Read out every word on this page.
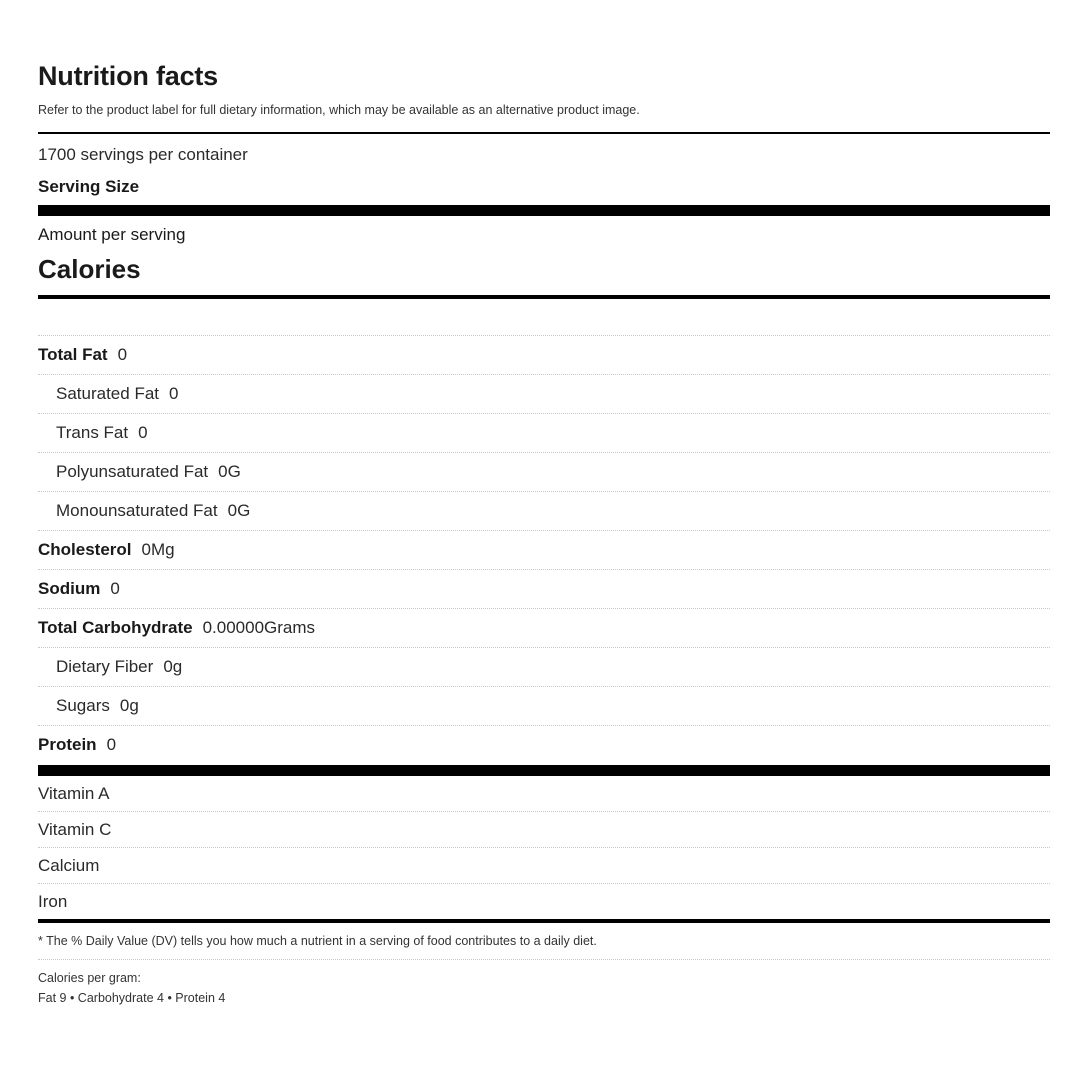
Nutrition facts
Refer to the product label for full dietary information, which may be available as an alternative product image.
1700 servings per container
Serving Size
Amount per serving
Calories
Total Fat 0
Saturated Fat 0
Trans Fat 0
Polyunsaturated Fat 0G
Monounsaturated Fat 0G
Cholesterol 0Mg
Sodium 0
Total Carbohydrate 0.00000Grams
Dietary Fiber 0g
Sugars 0g
Protein 0
Vitamin A
Vitamin C
Calcium
Iron
* The % Daily Value (DV) tells you how much a nutrient in a serving of food contributes to a daily diet.
Calories per gram:
Fat 9 • Carbohydrate 4 • Protein 4
